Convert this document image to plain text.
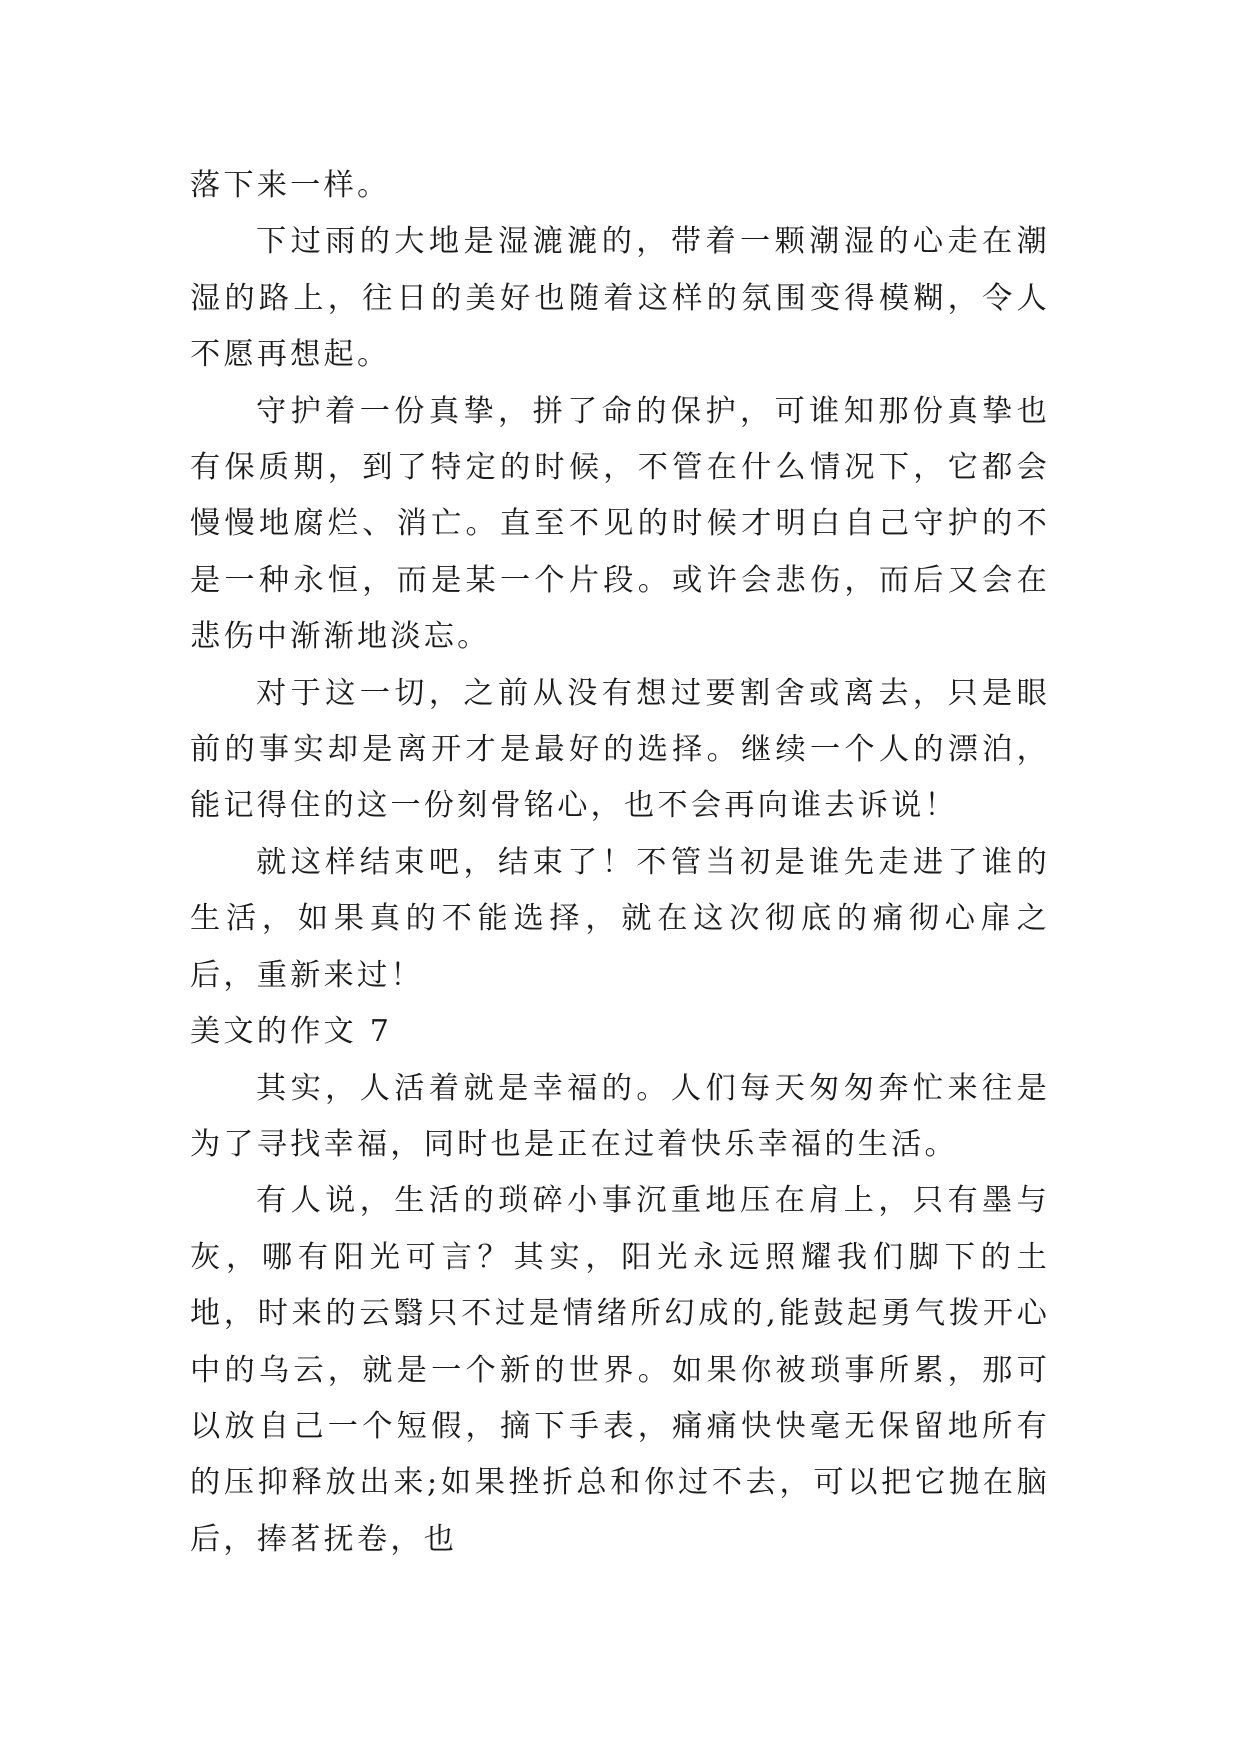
落下来一样。

下过雨的大地是湿漉漉的，带着一颗潮湿的心走在潮湿的路上，往日的美好也随着这样的氛围变得模糊，令人不愿再想起。

守护着一份真挚，拼了命的保护，可谁知那份真挚也有保质期，到了特定的时候，不管在什么情况下，它都会慢慢地腐烂、消亡。直至不见的时候才明白自己守护的不是一种永恒，而是某一个片段。或许会悲伤，而后又会在悲伤中渐渐地淡忘。

对于这一切，之前从没有想过要割舍或离去，只是眼前的事实却是离开才是最好的选择。继续一个人的漂泊，能记得住的这一份刻骨铭心，也不会再向谁去诉说！

就这样结束吧，结束了！不管当初是谁先走进了谁的生活，如果真的不能选择，就在这次彻底的痛彻心扉之后，重新来过！

美文的作文 7

其实，人活着就是幸福的。人们每天匆匆奔忙来往是为了寻找幸福，同时也是正在过着快乐幸福的生活。

有人说，生活的琐碎小事沉重地压在肩上，只有墨与灰，哪有阳光可言？其实，阳光永远照耀我们脚下的土地，时来的云翳只不过是情绪所幻成的,能鼓起勇气拨开心中的乌云，就是一个新的世界。如果你被琐事所累，那可以放自己一个短假，摘下手表，痛痛快快毫无保留地所有的压抑释放出来;如果挫折总和你过不去，可以把它抛在脑后，捧茗抚卷，也
